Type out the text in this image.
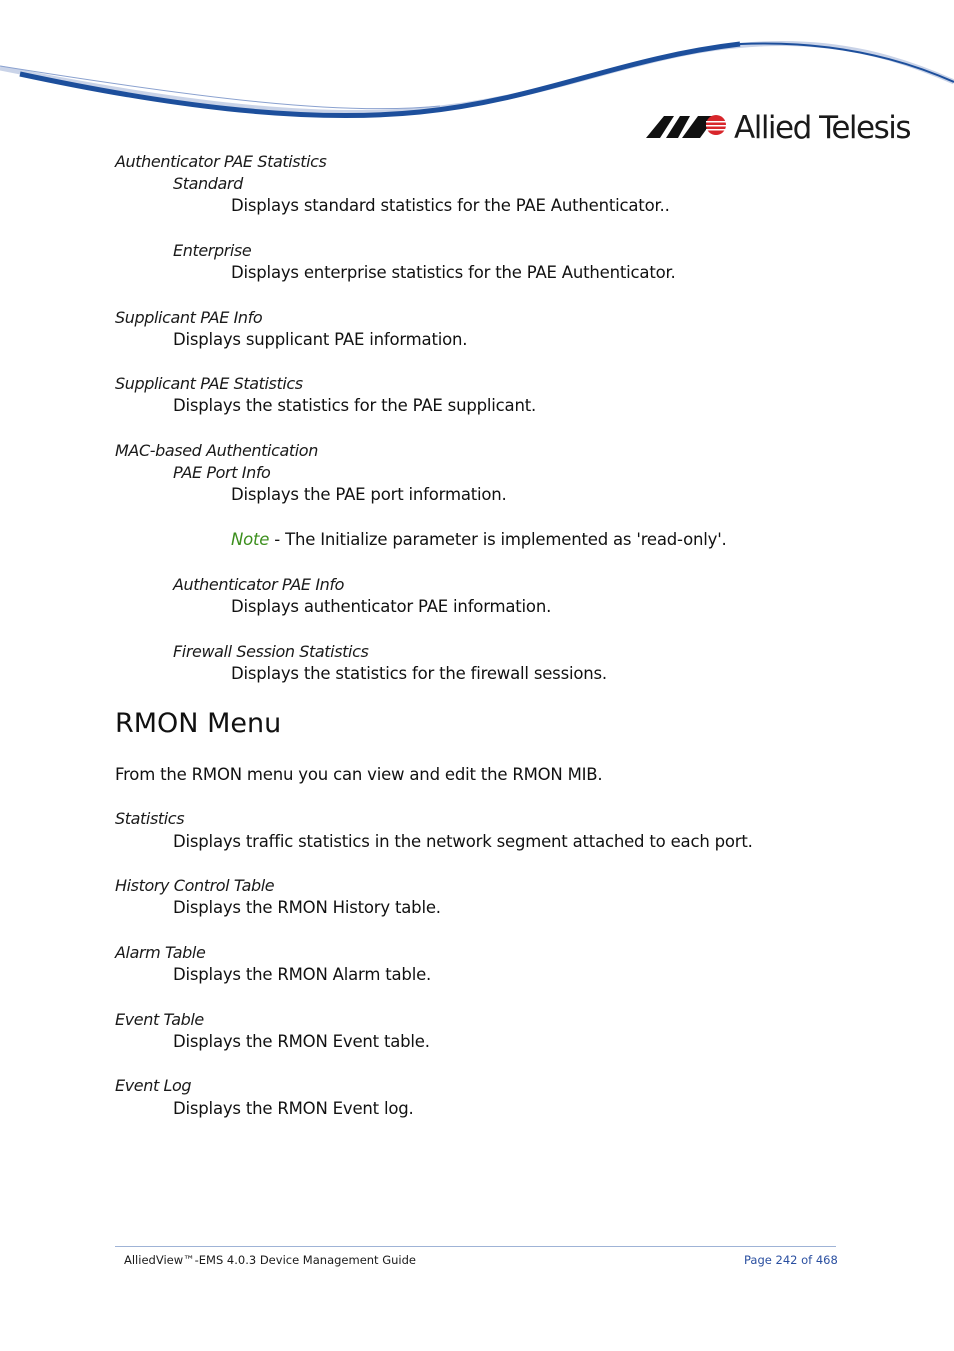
Allied Telesis
Authenticator PAE Statistics
Standard
Displays standard statistics for the PAE Authenticator..
Enterprise
Displays enterprise statistics for the PAE Authenticator.
Supplicant PAE Info
Displays supplicant PAE information.
Supplicant PAE Statistics
Displays the statistics for the PAE supplicant.
MAC-based Authentication
PAE Port Info
Displays the PAE port information.
Note - The Initialize parameter is implemented as 'read-only'.
Authenticator PAE Info
Displays authenticator PAE information.
Firewall Session Statistics
Displays the statistics for the firewall sessions.
RMON Menu
From the RMON menu you can view and edit the RMON MIB.
Statistics
Displays traffic statistics in the network segment attached to each port.
History Control Table
Displays the RMON History table.
Alarm Table
Displays the RMON Alarm table.
Event Table
Displays the RMON Event table.
Event Log
Displays the RMON Event log.
AlliedView™-EMS 4.0.3 Device Management Guide	Page 242 of 468
